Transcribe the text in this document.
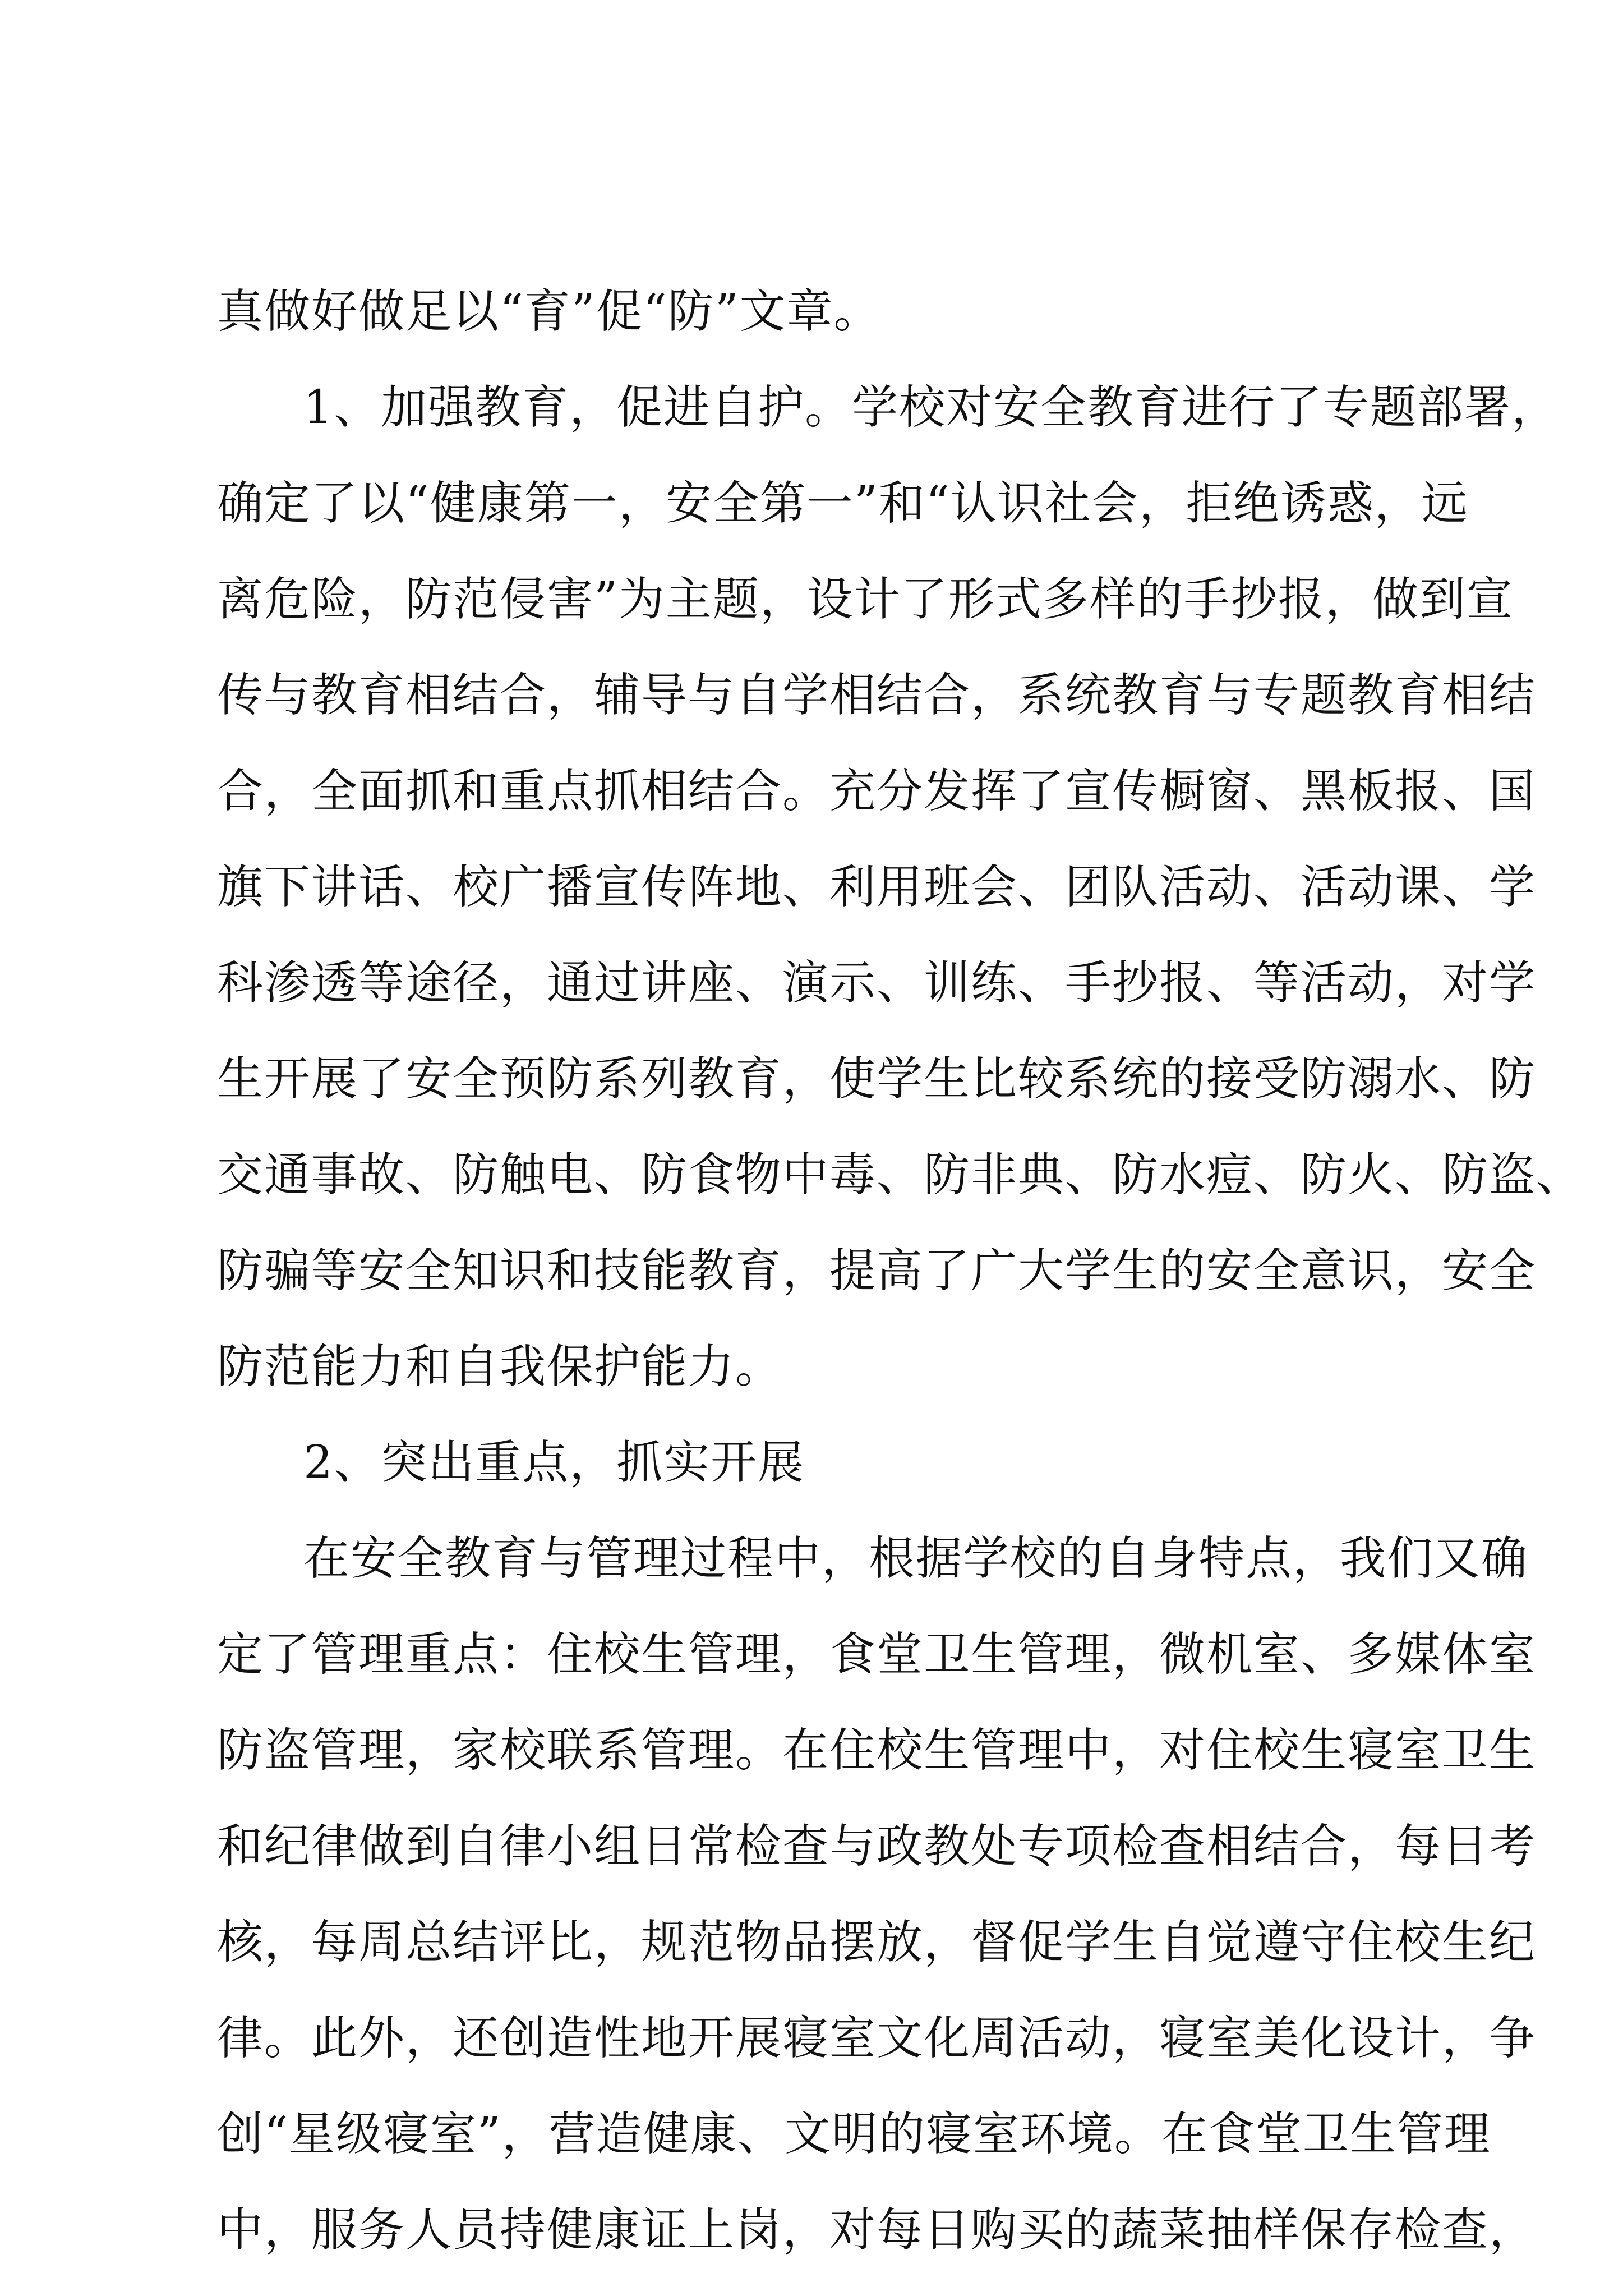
真做好做足以“育”促“防”文章。
1、加强教育，促进自护。学校对安全教育进行了专题部署，
确定了以“健康第一，安全第一”和“认识社会，拒绝诱惑，远
离危险，防范侵害”为主题，设计了形式多样的手抄报，做到宣
传与教育相结合，辅导与自学相结合，系统教育与专题教育相结
合，全面抓和重点抓相结合。充分发挥了宣传橱窗、黑板报、国
旗下讲话、校广播宣传阵地、利用班会、团队活动、活动课、学
科渗透等途径，通过讲座、演示、训练、手抄报、等活动，对学
生开展了安全预防系列教育，使学生比较系统的接受防溺水、防
交通事故、防触电、防食物中毒、防非典、防水痘、防火、防盗、
防骗等安全知识和技能教育，提高了广大学生的安全意识，安全
防范能力和自我保护能力。
2、突出重点，抓实开展
在安全教育与管理过程中，根据学校的自身特点，我们又确
定了管理重点：住校生管理，食堂卫生管理，微机室、多媒体室
防盗管理，家校联系管理。在住校生管理中，对住校生寝室卫生
和纪律做到自律小组日常检查与政教处专项检查相结合，每日考
核，每周总结评比，规范物品摆放，督促学生自觉遵守住校生纪
律。此外，还创造性地开展寝室文化周活动，寝室美化设计，争
创“星级寝室”，营造健康、文明的寝室环境。在食堂卫生管理
中，服务人员持健康证上岗，对每日购买的蔬菜抽样保存检查，
